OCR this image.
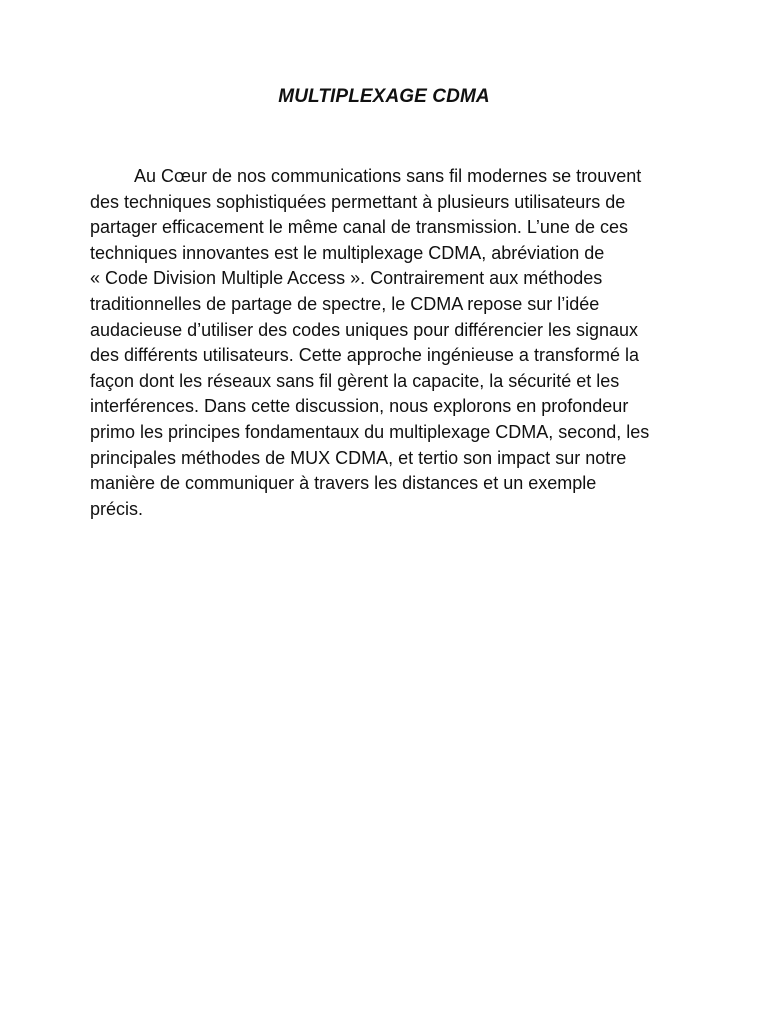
MULTIPLEXAGE CDMA

Au Cœur de nos communications sans fil modernes se trouvent
des techniques sophistiquées permettant à plusieurs utilisateurs de
partager efficacement le même canal de transmission. L’une de ces
techniques innovantes est le multiplexage CDMA, abréviation de
« Code Division Multiple Access ». Contrairement aux méthodes
traditionnelles de partage de spectre, le CDMA repose sur l’idée
audacieuse d’utiliser des codes uniques pour différencier les signaux
des différents utilisateurs. Cette approche ingénieuse a transformé la
façon dont les réseaux sans fil gèrent la capacite, la sécurité et les
interférences. Dans cette discussion, nous explorons en profondeur
primo les principes fondamentaux du multiplexage CDMA, second, les
principales méthodes de MUX CDMA, et tertio son impact sur notre
manière de communiquer à travers les distances et un exemple
précis.
